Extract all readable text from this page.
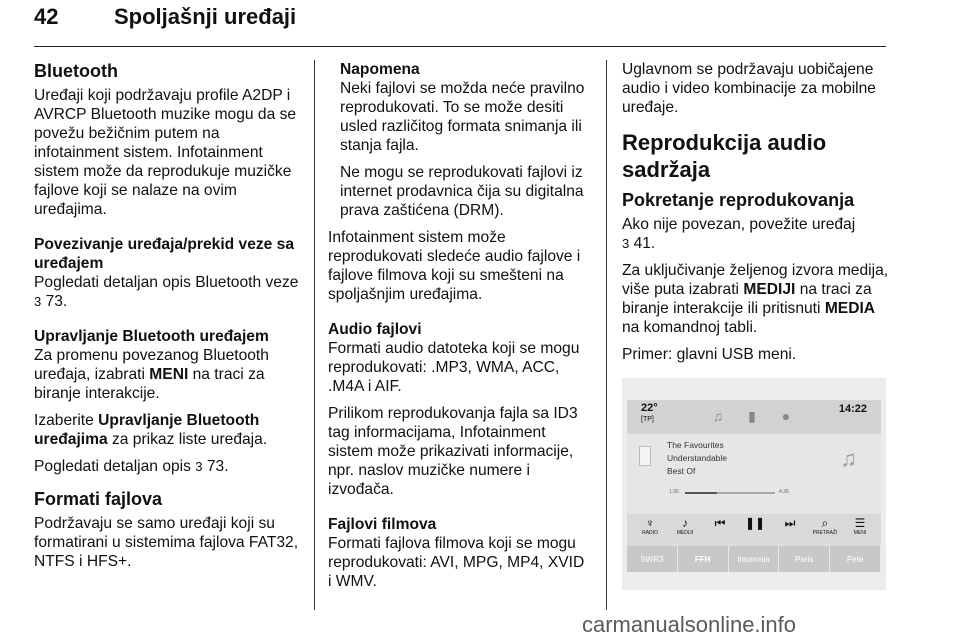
42	Spoljašnji uređaji
Bluetooth

Uređaji koji podržavaju profile A2DP i AVRCP Bluetooth muzike mogu da se povežu bežičnim putem na infotainment sistem. Infotainment sistem može da reprodukuje muzičke fajlove koji se nalaze na ovim uređajima.

Povezivanje uređaja/prekid veze sa uređajem

Pogledati detaljan opis Bluetooth veze 3 73.

Upravljanje Bluetooth uređajem

Za promenu povezanog Bluetooth uređaja, izabrati MENI na traci za biranje interakcije.

Izaberite Upravljanje Bluetooth uređajima za prikaz liste uređaja.

Pogledati detaljan opis 3 73.

Formati fajlova

Podržavaju se samo uređaji koji su formatirani u sistemima fajlova FAT32, NTFS i HFS+.

Napomena

Neki fajlovi se možda neće pravilno reprodukovati. To se može desiti usled različitog formata snimanja ili stanja fajla.

Ne mogu se reprodukovati fajlovi iz internet prodavnica čija su digitalna prava zaštićena (DRM).

Infotainment sistem može reprodukovati sledeće audio fajlove i fajlove filmova koji su smešteni na spoljašnjim uređajima.

Audio fajlovi

Formati audio datoteka koji se mogu reprodukovati: .MP3, WMA, ACC, .M4A i AIF.

Prilikom reprodukovanja fajla sa ID3 tag informacijama, Infotainment sistem može prikazivati informacije, npr. naslov muzičke numere i izvođača.

Fajlovi filmova

Formati fajlova filmova koji se mogu reprodukovati: AVI, MPG, MP4, XVID i WMV.

Uglavnom se podržavaju uobičajene audio i video kombinacije za mobilne uređaje.

Reprodukcija audio sadržaja
Pokretanje reprodukovanja

Ako nije povezan, povežite uređaj
3 41.

Za uključivanje željenog izvora medija, više puta izabrati MEDIJI na traci za biranje interakcije ili pritisnuti MEDIA na komandnoj tabli.

Primer: glavni USB meni.

22°
[TP]	♫	▮	●	14:22
The Favourites
Understandable
Best Of	♫
1:30	4:36
♆
RADIO
♪
MEDIJI
⏮	❚❚	⏭	⌕
PRETRAŽI
☰
MENI
SWR3	FFH	Insomnia	Paris	Pete
carmanualsonline.info
